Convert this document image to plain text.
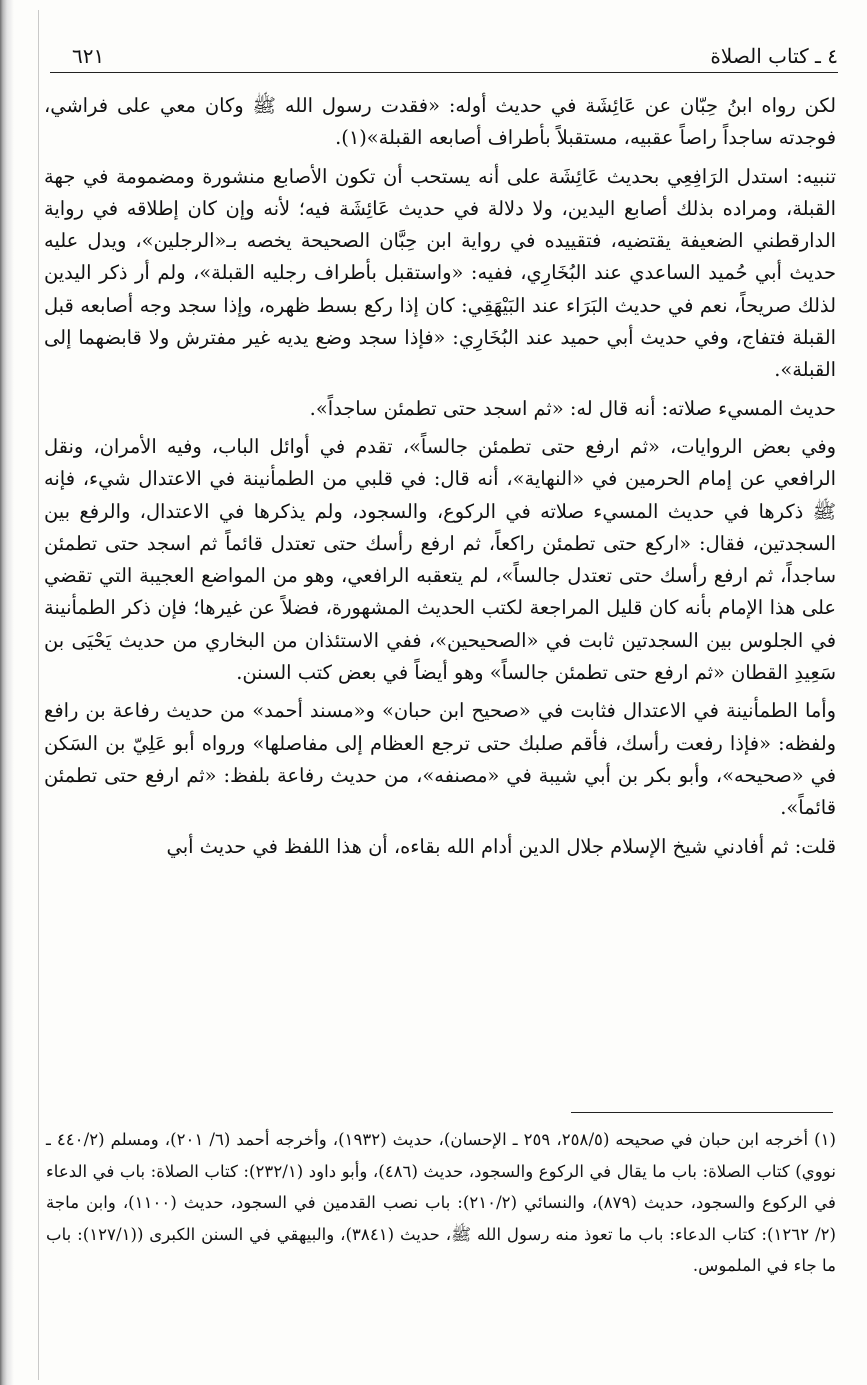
٤ ـ كتاب الصلاة
٦٢١

لكن رواه ابنُ حِبّان عن عَائِشَة في حديث أوله: «فقدت رسول الله ﷺ وكان معي على فراشي، فوجدته ساجداً راصاً عقبيه، مستقبلاً بأطراف أصابعه القبلة»(١).

تنبيه: استدل الرَافِعِي بحديث عَائِشَة على أنه يستحب أن تكون الأصابع منشورة ومضمومة في جهة القبلة، ومراده بذلك أصابع اليدين، ولا دلالة في حديث عَائِشَة فيه؛ لأنه وإن كان إطلاقه في رواية الدارقطني الضعيفة يقتضيه، فتقييده في رواية ابن حِبَّان الصحيحة يخصه بـ«الرجلين»، ويدل عليه حديث أبي حُميد الساعدي عند البُخَارِي، ففيه: «واستقبل بأطراف رجليه القبلة»، ولم أر ذكر اليدين لذلك صريحاً، نعم في حديث البَرَاء عند البَيْهَقِي: كان إذا ركع بسط ظهره، وإذا سجد وجه أصابعه قبل القبلة فتفاج، وفي حديث أبي حميد عند البُخَارِي: «فإذا سجد وضع يديه غير مفترش ولا قابضهما إلى القبلة».

حديث المسيء صلاته: أنه قال له: «ثم اسجد حتى تطمئن ساجداً».

وفي بعض الروايات، «ثم ارفع حتى تطمئن جالساً»، تقدم في أوائل الباب، وفيه الأمران، ونقل الرافعي عن إمام الحرمين في «النهاية»، أنه قال: في قلبي من الطمأنينة في الاعتدال شيء، فإنه ﷺ ذكرها في حديث المسيء صلاته في الركوع، والسجود، ولم يذكرها في الاعتدال، والرفع بين السجدتين، فقال: «اركع حتى تطمئن راكعاً، ثم ارفع رأسك حتى تعتدل قائماً ثم اسجد حتى تطمئن ساجداً، ثم ارفع رأسك حتى تعتدل جالساً»، لم يتعقبه الرافعي، وهو من المواضع العجيبة التي تقضي على هذا الإمام بأنه كان قليل المراجعة لكتب الحديث المشهورة، فضلاً عن غيرها؛ فإن ذكر الطمأنينة في الجلوس بين السجدتين ثابت في «الصحيحين»، ففي الاستئذان من البخاري من حديث يَحْيَى بن سَعِيدِ القطان «ثم ارفع حتى تطمئن جالساً» وهو أيضاً في بعض كتب السنن.

وأما الطمأنينة في الاعتدال فثابت في «صحيح ابن حبان» و«مسند أحمد» من حديث رفاعة بن رافع ولفظه: «فإذا رفعت رأسك، فأقم صلبك حتى ترجع العظام إلى مفاصلها» ورواه أبو عَلِيّ بن السَكن في «صحيحه»، وأبو بكر بن أبي شيبة في «مصنفه»، من حديث رفاعة بلفظ: «ثم ارفع حتى تطمئن قائماً».

قلت: ثم أفادني شيخ الإسلام جلال الدين أدام الله بقاءه، أن هذا اللفظ في حديث أبي

(١) أخرجه ابن حبان في صحيحه (٢٥٨/٥، ٢٥٩ ـ الإحسان)، حديث (١٩٣٢)، وأخرجه أحمد (٦/ ٢٠١)، ومسلم (٤٤٠/٢ ـ نووي) كتاب الصلاة: باب ما يقال في الركوع والسجود، حديث (٤٨٦)، وأبو داود (٢٣٢/١): كتاب الصلاة: باب في الدعاء في الركوع والسجود، حديث (٨٧٩)، والنسائي (٢١٠/٢): باب نصب القدمين في السجود، حديث (١١٠٠)، وابن ماجة (٢/ ١٢٦٢): كتاب الدعاء: باب ما تعوذ منه رسول الله ﷺ، حديث (٣٨٤١)، والبيهقي في السنن الكبرى ((١٢٧/١): باب ما جاء في الملموس.
